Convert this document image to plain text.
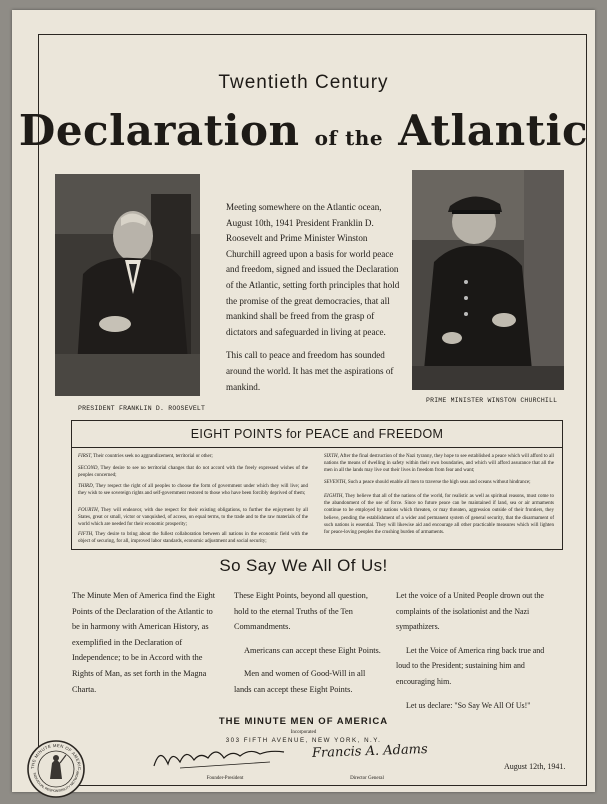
Twentieth Century
Declaration of the Atlantic
PRESIDENT FRANKLIN D. ROOSEVELT
PRIME MINISTER WINSTON CHURCHILL

Meeting somewhere on the Atlantic ocean, August 10th, 1941 President Franklin D. Roosevelt and Prime Minister Winston Churchill agreed upon a basis for world peace and freedom, signed and issued the Declaration of the Atlantic, setting forth principles that hold the promise of the great democracies, that all mankind shall be freed from the grasp of dictators and safeguarded in living at peace.

This call to peace and freedom has sounded around the world. It has met the aspirations of mankind.

EIGHT POINTS for PEACE and FREEDOM
FIRST, Their countries seek no aggrandizement, territorial or other;
SECOND, They desire to see no territorial changes that do not accord with the freely expressed wishes of the peoples concerned;
THIRD, They respect the right of all peoples to choose the form of government under which they will live; and they wish to see sovereign rights and self-government restored to those who have been forcibly deprived of them;
FOURTH, They will endeavor, with due respect for their existing obligations, to further the enjoyment by all States, great or small, victor or vanquished, of access, on equal terms, to the trade and to the raw materials of the world which are needed for their economic prosperity;
FIFTH, They desire to bring about the fullest collaboration between all nations in the economic field with the object of securing, for all, improved labor standards, economic adjustment and social security;
SIXTH, After the final destruction of the Nazi tyranny, they hope to see established a peace which will afford to all nations the means of dwelling in safety within their own boundaries, and which will afford assurance that all the men in all the lands may live out their lives in freedom from fear and want;
SEVENTH, Such a peace should enable all men to traverse the high seas and oceans without hindrance;
EIGHTH, They believe that all of the nations of the world, for realistic as well as spiritual reasons, must come to the abandonment of the use of force. Since no future peace can be maintained if land, sea or air armaments continue to be employed by nations which threaten, or may threaten, aggression outside of their frontiers, they believe, pending the establishment of a wider and permanent system of general security, that the disarmament of such nations is essential. They will likewise aid and encourage all other practicable measures which will lighten for peace-loving peoples the crushing burden of armaments.
So Say We All Of Us!

The Minute Men of America find the Eight Points of the Declaration of the Atlantic to be in harmony with American History, as exemplified in the Declaration of Independence; to be in Accord with the Rights of Man, as set forth in the Magna Charta.

These Eight Points, beyond all question, hold to the eternal Truths of the Ten Commandments.

Americans can accept these Eight Points.

Men and women of Good-Will in all lands can accept these Eight Points.

Let the voice of a United People drown out the complaints of the isolationist and the Nazi sympathizers.

Let the Voice of America ring back true and loud to the President; sustaining him and encouraging him.

Let us declare: "So Say We All Of Us!"

THE MINUTE MEN OF AMERICA
Incorporated
303 FIFTH AVENUE, NEW YORK, N.Y.
Francis A. Adams
Founder-President	Director General
August 12th, 1941.
THE MINUTE MEN OF AMERIC
INDIVIDUAL RESPONSIBILITY NETWORK
